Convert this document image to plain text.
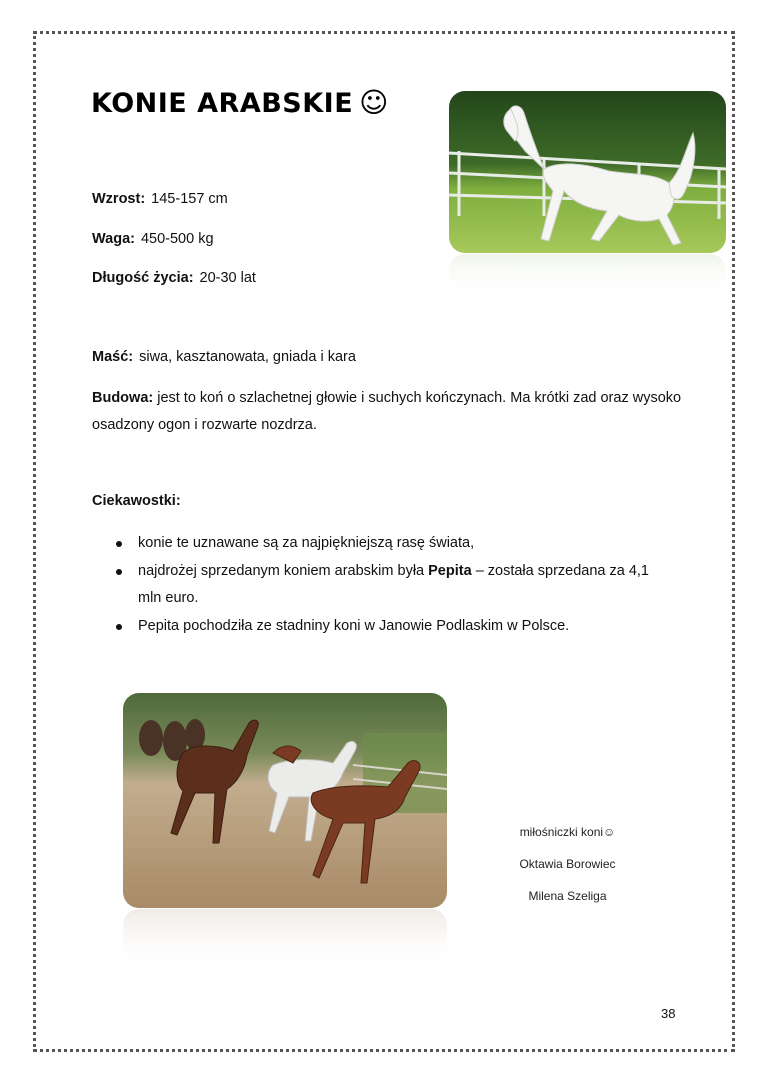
KONIE ARABSKIE ☺
Wzrost: 145-157 cm
Waga: 450-500 kg
Długość życia: 20-30 lat
Maść: siwa, kasztanowata, gniada i kara

Budowa: jest to koń o szlachetnej głowie i suchych kończynach. Ma krótki zad oraz wysoko osadzony ogon i rozwarte nozdrza.

Ciekawostki:

konie te uznawane są za najpiękniejszą rasę świata,
najdrożej sprzedanym koniem arabskim była Pepita – została sprzedana za 4,1 mln euro.
Pepita pochodziła ze stadniny koni w Janowie Podlaskim w Polsce.
miłośniczki koni☺
Oktawia Borowiec
Milena Szeliga
38
